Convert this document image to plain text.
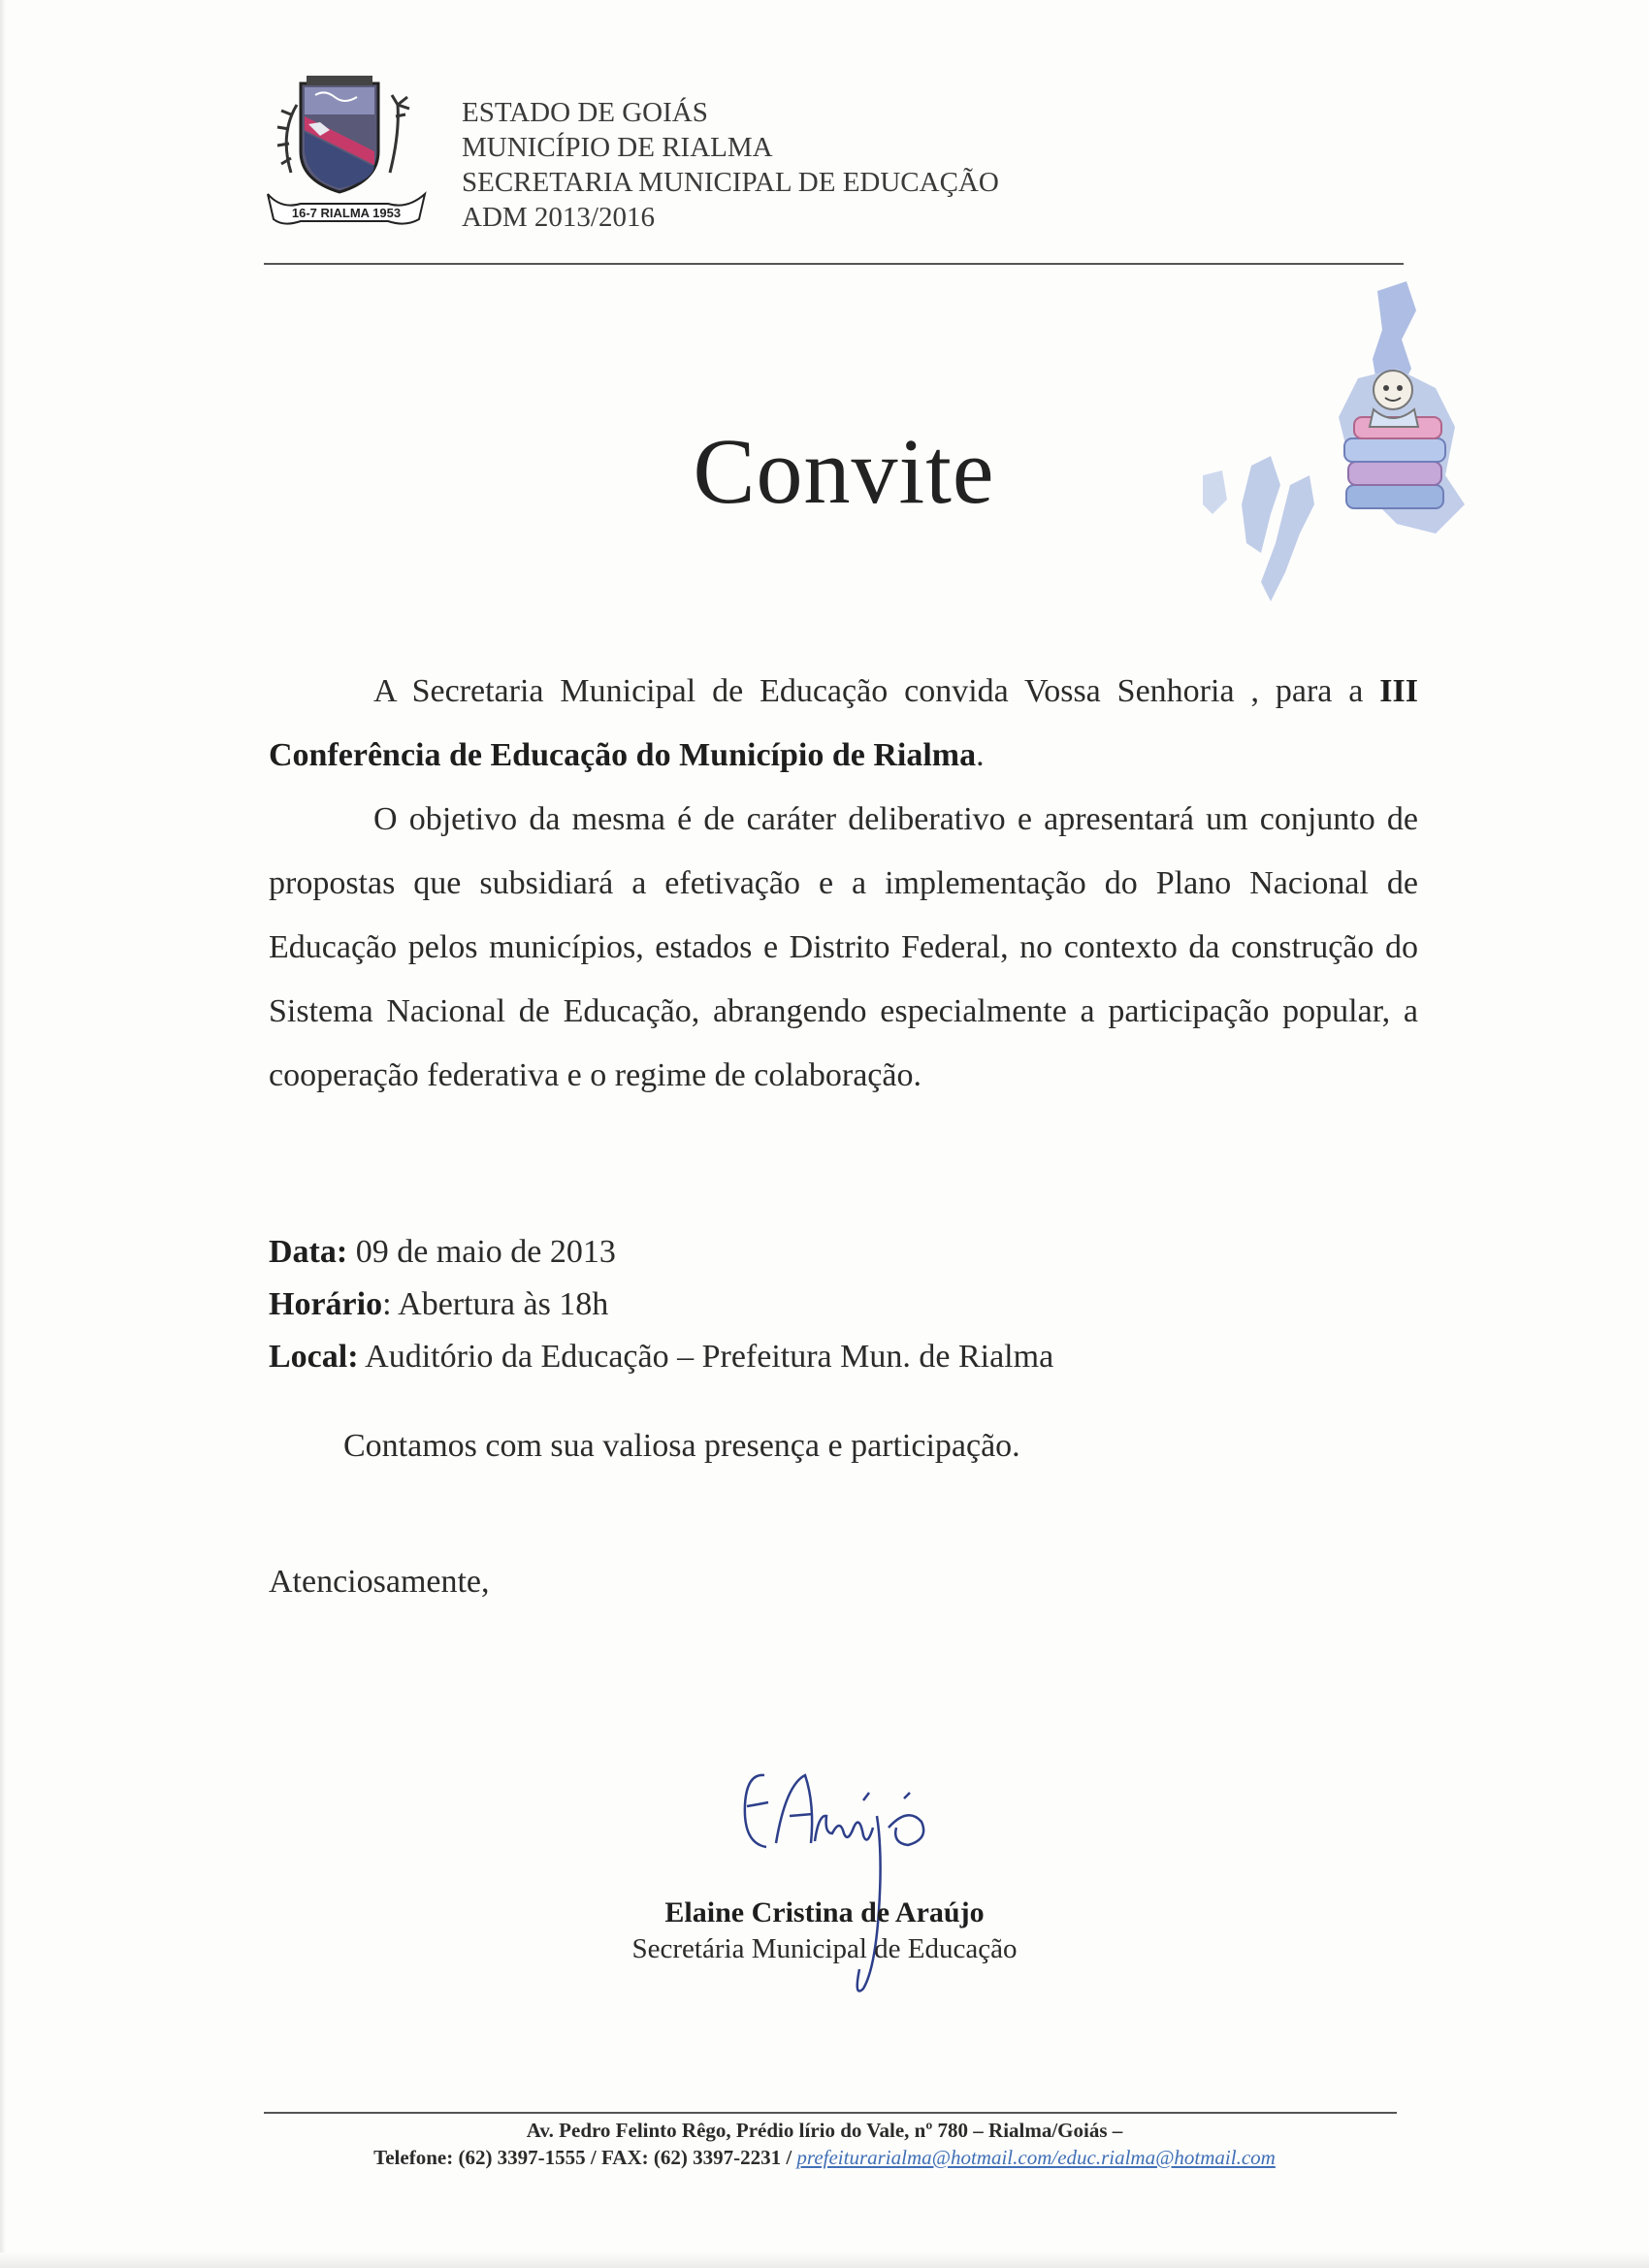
16-7 RIALMA 1953
ESTADO DE GOIÁS
MUNICÍPIO DE RIALMA
SECRETARIA MUNICIPAL DE EDUCAÇÃO
ADM 2013/2016
Convite

A Secretaria Municipal de Educação convida Vossa Senhoria , para a III Conferência de Educação do Município de Rialma.

O objetivo da mesma é de caráter deliberativo e apresentará um conjunto de propostas que subsidiará a efetivação e a implementação do Plano Nacional de Educação pelos municípios, estados e Distrito Federal, no contexto da construção do Sistema Nacional de Educação, abrangendo especialmente a participação popular, a cooperação federativa e o regime de colaboração.

Data: 09 de maio de 2013
Horário: Abertura às 18h
Local: Auditório da Educação – Prefeitura Mun. de Rialma
Contamos com sua valiosa presença e participação.
Atenciosamente,
Elaine Cristina de Araújo
Secretária Municipal de Educação
Av. Pedro Felinto Rêgo, Prédio lírio do Vale, nº 780 – Rialma/Goiás –
Telefone: (62) 3397-1555 / FAX: (62) 3397-2231 / prefeiturarialma@hotmail.com/educ.rialma@hotmail.com
